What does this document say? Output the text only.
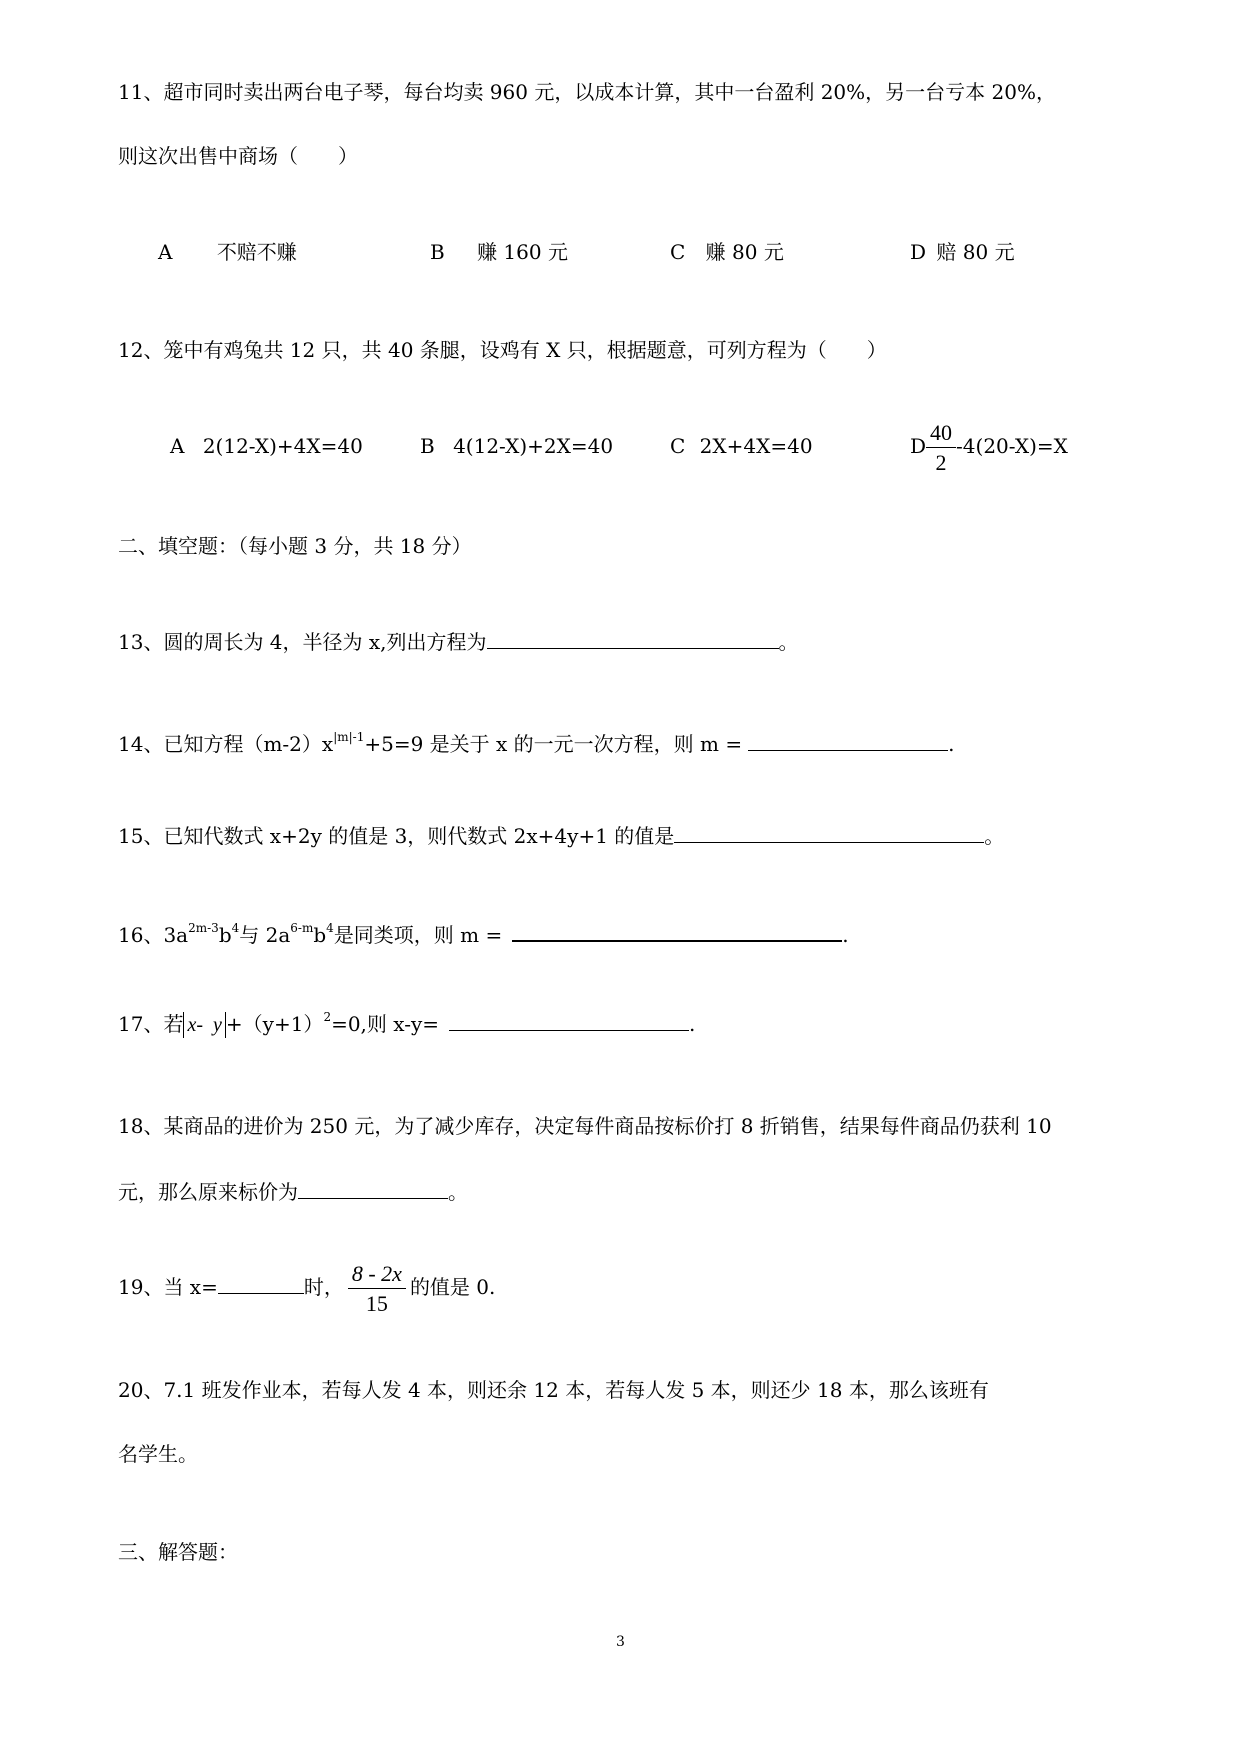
11、超市同时卖出两台电子琴，每台均卖 960 元，以成本计算，其中一台盈利 20%，另一台亏本 20%，
则这次出售中商场（　　）
A 不赔不赚	B 赚 160 元	C 赚 80 元	D 赔 80 元
12、笼中有鸡兔共 12 只，共 40 条腿，设鸡有 X 只，根据题意，可列方程为（　　）
A 2(12-X)+4X=40	B 4(12-X)+2X=40	C 2X+4X=40	D $\frac{40}{2} -4(20-X)=X$
二、填空题：（每小题 3 分，共 18 分）
13、圆的周长为 4，半径为 x,列出方程为	。
14、已知方程$(m-2)x^{|m|-1}+5=9$ 是关于 x 的一元一次方程，则 m =	.
15、已知代数式 x+2y 的值是 3，则代数式 2x+4y+1 的值是	。
16、$3a^{2m-3}b^4$与 $2a^{6-m}b^4$是同类项，则 m =	.
17、若 x- $y +(y+1)^2=0$,则 x-y=	.
18、某商品的进价为 250 元，为了减少库存，决定每件商品按标价打 8 折销售，结果每件商品仍获利 10
元，那么原来标价为	。
19、当 x=	时， $\frac{8 - 2x}{15}$ 的值是 0.
20、7.1 班发作业本，若每人发 4 本，则还余 12 本，若每人发 5 本，则还少 18 本，那么该班有
名学生。
三、解答题：
3
